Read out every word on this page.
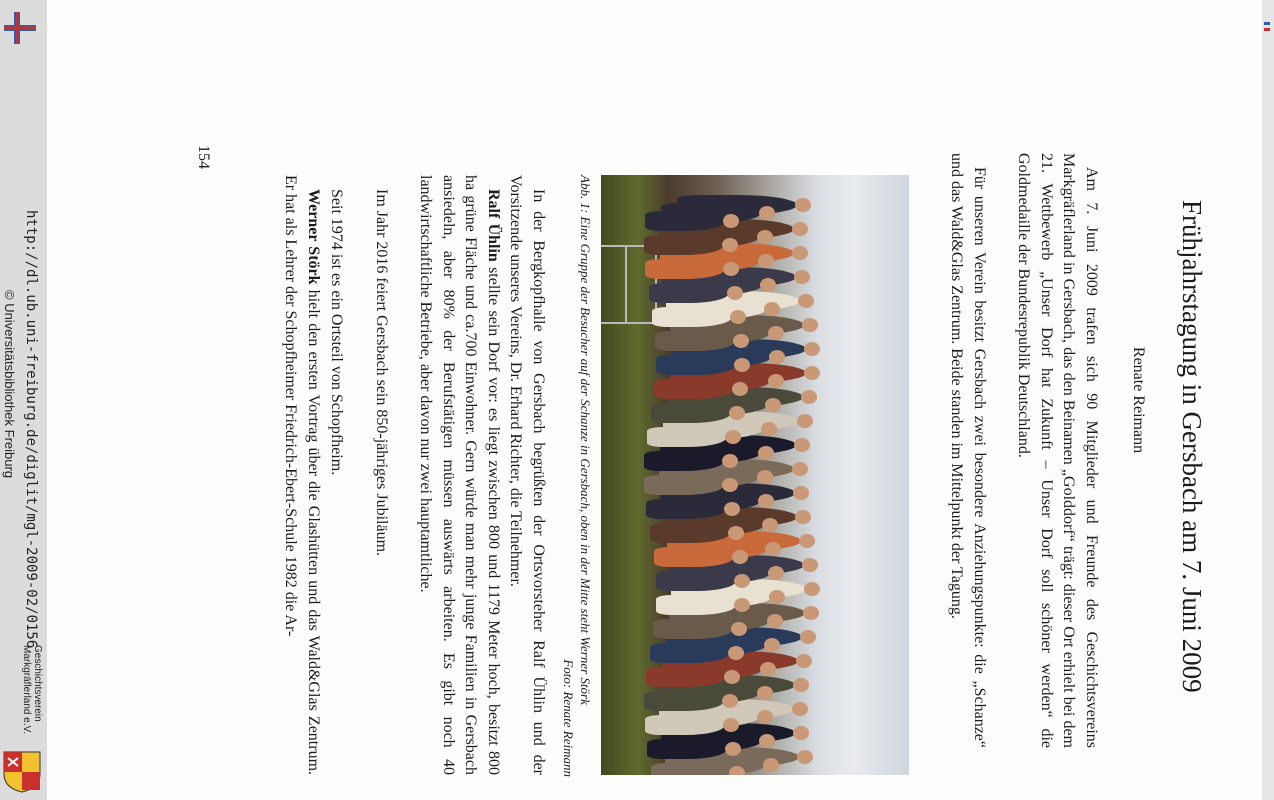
Frühjahrstagung in Gersbach am 7. Juni 2009
Renate Reimann
Am 7. Juni 2009 trafen sich 90 Mitglieder und Freunde des Geschichtsvereins Markgräflerland in Gersbach, das den Beinamen „Golddorf“ trägt: dieser Ort erhielt bei dem 21. Wettbewerb „Unser Dorf hat Zukunft – Unser Dorf soll schöner werden“ die Goldmedaille der Bundesrepublik Deutschland.
Für unseren Verein besitzt Gersbach zwei besondere Anziehungspunkte: die „Schanze“ und das Wald&Glas Zentrum. Beide standen im Mittelpunkt der Tagung.
Abb. 1: Eine Gruppe der Besucher auf der Schanze in Gersbach, oben in der Mitte steht Werner Störk
Foto: Renate Reimann
In der Bergkopfhalle von Gersbach begrüßten der Ortsvorsteher Ralf Ühlin und der Vorsitzende unseres Vereins, Dr. Erhard Richter, die Teilnehmer.
Ralf Ühlin stellte sein Dorf vor: es liegt zwischen 800 und 1179 Meter hoch, besitzt 800 ha grüne Fläche und ca.700 Einwohner. Gern würde man mehr junge Familien in Gersbach ansiedeln, aber 80% der Berufstätigen müssen auswärts arbeiten. Es gibt noch 40 landwirtschaftliche Betriebe, aber davon nur zwei hauptamtliche.
Im Jahr 2016 feiert Gersbach sein 850-jähriges Jubiläum.
Seit 1974 ist es ein Ortsteil von Schopfheim.
Werner Störk hielt den ersten Vortrag über die Glashütten und das Wald&Glas Zentrum. Er hat als Lehrer der Schopfheimer Friedrich-Ebert-Schule 1982 die Ar-
154
http://dl.ub.uni-freiburg.de/diglit/mgl-2009-02/0156
© Universitätsbibliothek Freiburg
Geschichtsverein Markgräflerland e.V.
